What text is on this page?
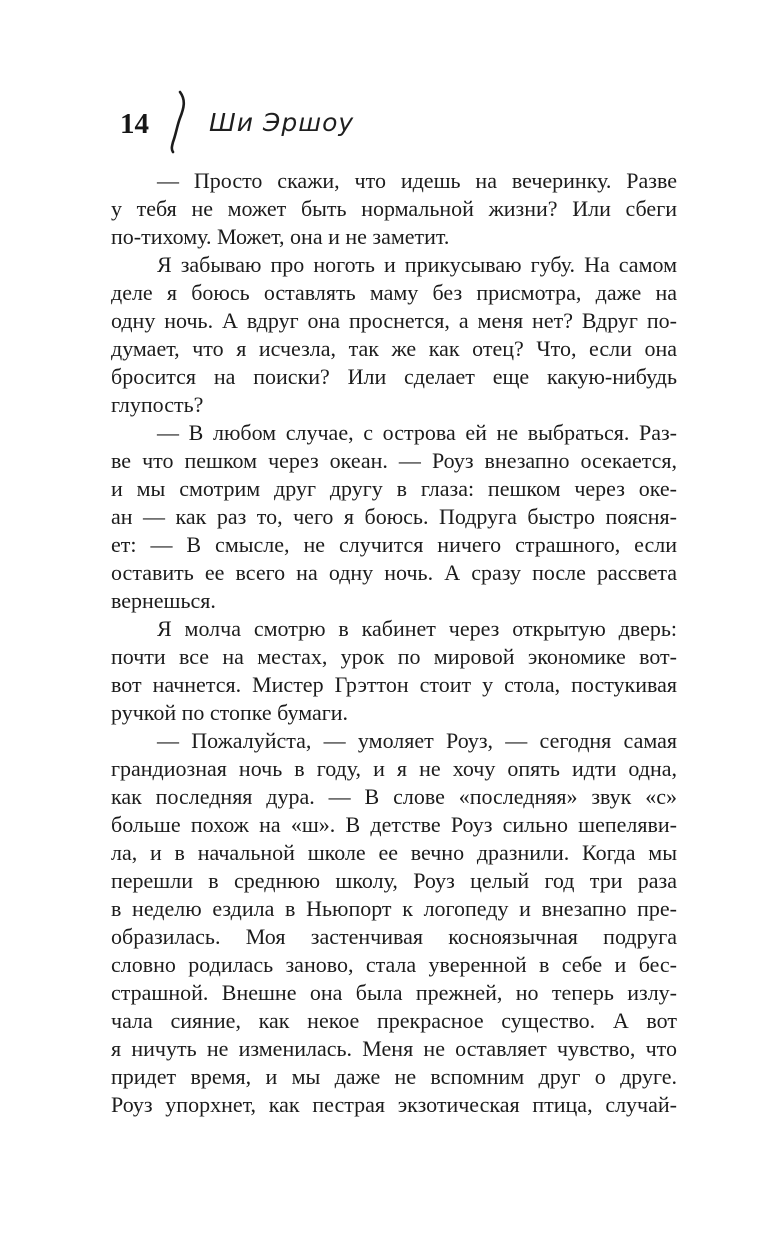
14 Ши Эршоу
— Просто скажи, что идешь на вечеринку. Разве
у тебя не может быть нормальной жизни? Или сбеги
по-тихому. Может, она и не заметит.
Я забываю про ноготь и прикусываю губу. На самом
деле я боюсь оставлять маму без присмотра, даже на
одну ночь. А вдруг она проснется, а меня нет? Вдруг по-
думает, что я исчезла, так же как отец? Что, если она
бросится на поиски? Или сделает еще какую-нибудь
глупость?
— В любом случае, с острова ей не выбраться. Раз-
ве что пешком через океан. — Роуз внезапно осекается,
и мы смотрим друг другу в глаза: пешком через оке-
ан — как раз то, чего я боюсь. Подруга быстро поясня-
ет: — В смысле, не случится ничего страшного, если
оставить ее всего на одну ночь. А сразу после рассвета
вернешься.
Я молча смотрю в кабинет через открытую дверь:
почти все на местах, урок по мировой экономике вот-
вот начнется. Мистер Грэттон стоит у стола, постукивая
ручкой по стопке бумаги.
— Пожалуйста, — умоляет Роуз, — сегодня самая
грандиозная ночь в году, и я не хочу опять идти одна,
как последняя дура. — В слове «последняя» звук «с»
больше похож на «ш». В детстве Роуз сильно шепеляви-
ла, и в начальной школе ее вечно дразнили. Когда мы
перешли в среднюю школу, Роуз целый год три раза
в неделю ездила в Ньюпорт к логопеду и внезапно пре-
образилась. Моя застенчивая косноязычная подруга
словно родилась заново, стала уверенной в себе и бес-
страшной. Внешне она была прежней, но теперь излу-
чала сияние, как некое прекрасное существо. А вот
я ничуть не изменилась. Меня не оставляет чувство, что
придет время, и мы даже не вспомним друг о друге.
Роуз упорхнет, как пестрая экзотическая птица, случай-
